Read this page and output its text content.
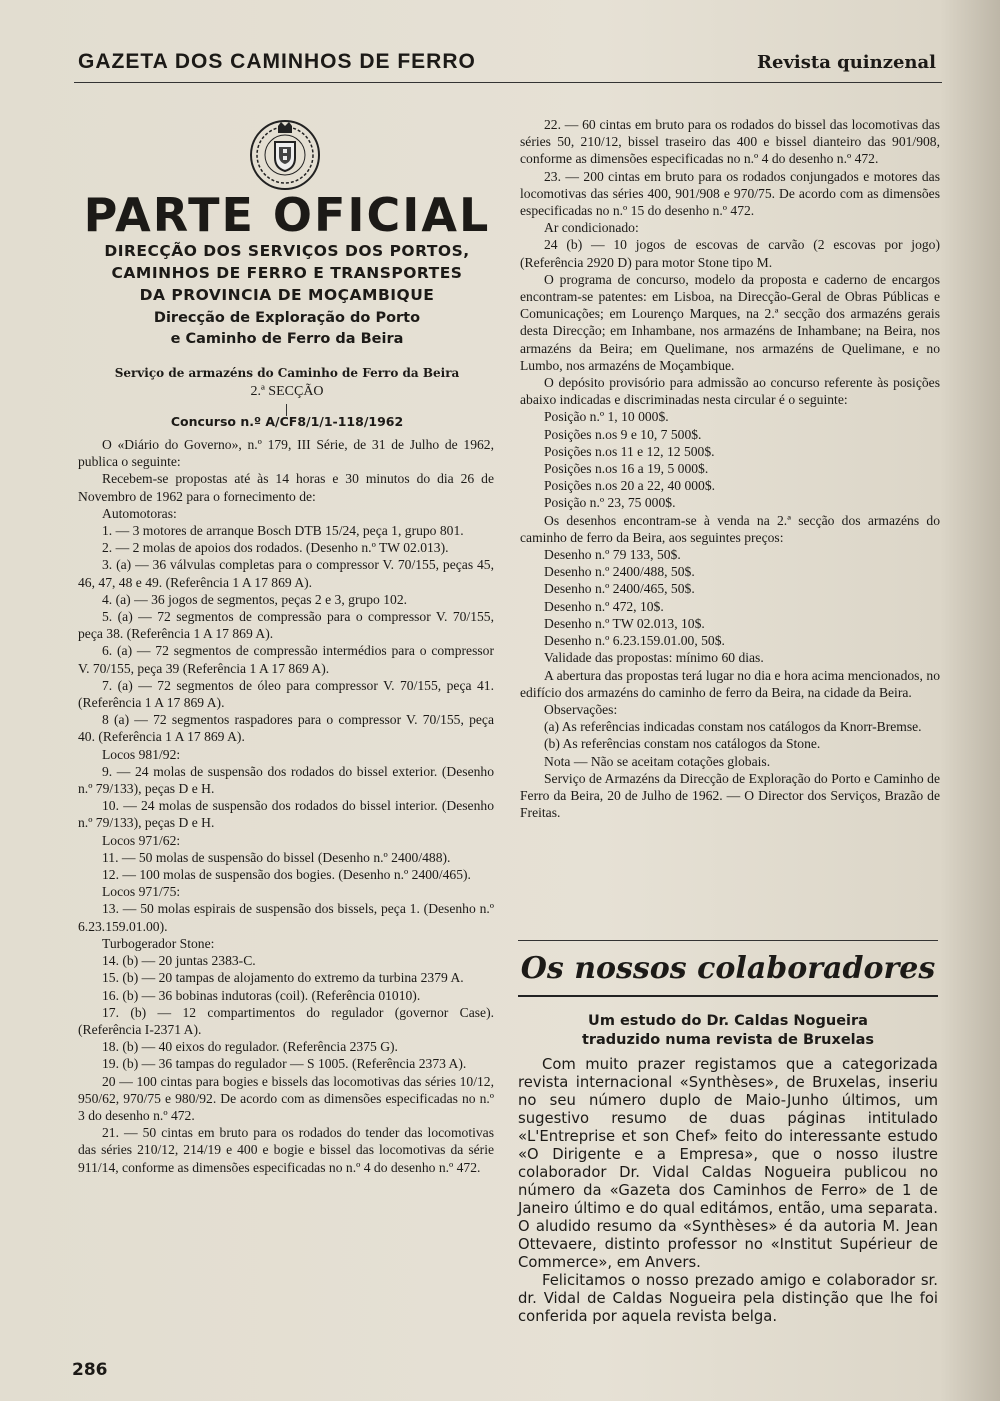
GAZETA DOS CAMINHOS DE FERRO	Revista quinzenal
PARTE OFICIAL
DIRECÇÃO DOS SERVIÇOS DOS PORTOS,
CAMINHOS DE FERRO E TRANSPORTES
DA PROVINCIA DE MOÇAMBIQUE
Direcção de Exploração do Porto
e Caminho de Ferro da Beira
Serviço de armazéns do Caminho de Ferro da Beira
2.ª SECÇÃO
Concurso n.º A/CF8/1/1-118/1962

O «Diário do Governo», n.º 179, III Série, de 31 de Julho de 1962, publica o seguinte:

Recebem-se propostas até às 14 horas e 30 minutos do dia 26 de Novembro de 1962 para o fornecimento de:

Automotoras:

1. — 3 motores de arranque Bosch DTB 15/24, peça 1, grupo 801.

2. — 2 molas de apoios dos rodados. (Desenho n.º TW 02.013).

3. (a) — 36 válvulas completas para o compressor V. 70/155, peças 45, 46, 47, 48 e 49. (Referência 1 A 17 869 A).

4. (a) — 36 jogos de segmentos, peças 2 e 3, grupo 102.

5. (a) — 72 segmentos de compressão para o compressor V. 70/155, peça 38. (Referência 1 A 17 869 A).

6. (a) — 72 segmentos de compressão intermédios para o compressor V. 70/155, peça 39 (Referência 1 A 17 869 A).

7. (a) — 72 segmentos de óleo para compressor V. 70/155, peça 41. (Referência 1 A 17 869 A).

8 (a) — 72 segmentos raspadores para o compressor V. 70/155, peça 40. (Referência 1 A 17 869 A).

Locos 981/92:

9. — 24 molas de suspensão dos rodados do bissel exterior. (Desenho n.º 79/133), peças D e H.

10. — 24 molas de suspensão dos rodados do bissel interior. (Desenho n.º 79/133), peças D e H.

Locos 971/62:

11. — 50 molas de suspensão do bissel (Desenho n.º 2400/488).

12. — 100 molas de suspensão dos bogies. (Desenho n.º 2400/465).

Locos 971/75:

13. — 50 molas espirais de suspensão dos bissels, peça 1. (Desenho n.º 6.23.159.01.00).

Turbogerador Stone:

14. (b) — 20 juntas 2383-C.

15. (b) — 20 tampas de alojamento do extremo da turbina 2379 A.

16. (b) — 36 bobinas indutoras (coil). (Referência 01010).

17. (b) — 12 compartimentos do regulador (governor Case). (Referência I-2371 A).

18. (b) — 40 eixos do regulador. (Referência 2375 G).

19. (b) — 36 tampas do regulador — S 1005. (Referência 2373 A).

20 — 100 cintas para bogies e bissels das locomotivas das séries 10/12, 950/62, 970/75 e 980/92. De acordo com as dimensões especificadas no n.º 3 do desenho n.º 472.

21. — 50 cintas em bruto para os rodados do tender das locomotivas das séries 210/12, 214/19 e 400 e bogie e bissel das locomotivas da série 911/14, conforme as dimensões especificadas no n.º 4 do desenho n.º 472.

22. — 60 cintas em bruto para os rodados do bissel das locomotivas das séries 50, 210/12, bissel traseiro das 400 e bissel dianteiro das 901/908, conforme as dimensões especificadas no n.º 4 do desenho n.º 472.

23. — 200 cintas em bruto para os rodados conjungados e motores das locomotivas das séries 400, 901/908 e 970/75. De acordo com as dimensões especificadas no n.º 15 do desenho n.º 472.

Ar condicionado:

24 (b) — 10 jogos de escovas de carvão (2 escovas por jogo) (Referência 2920 D) para motor Stone tipo M.

O programa de concurso, modelo da proposta e caderno de encargos encontram-se patentes: em Lisboa, na Direcção-Geral de Obras Públicas e Comunicações; em Lourenço Marques, na 2.ª secção dos armazéns gerais desta Direcção; em Inhambane, nos armazéns de Inhambane; na Beira, nos armazéns da Beira; em Quelimane, nos armazéns de Quelimane, e no Lumbo, nos armazéns de Moçambique.

O depósito provisório para admissão ao concurso referente às posições abaixo indicadas e discriminadas nesta circular é o seguinte:

Posição n.º 1, 10 000$.

Posições n.os 9 e 10, 7 500$.

Posições n.os 11 e 12, 12 500$.

Posições n.os 16 a 19, 5 000$.

Posições n.os 20 a 22, 40 000$.

Posição n.º 23, 75 000$.

Os desenhos encontram-se à venda na 2.ª secção dos armazéns do caminho de ferro da Beira, aos seguintes preços:

Desenho n.º 79 133, 50$.

Desenho n.º 2400/488, 50$.

Desenho n.º 2400/465, 50$.

Desenho n.º 472, 10$.

Desenho n.º TW 02.013, 10$.

Desenho n.º 6.23.159.01.00, 50$.

Validade das propostas: mínimo 60 dias.

A abertura das propostas terá lugar no dia e hora acima mencionados, no edifício dos armazéns do caminho de ferro da Beira, na cidade da Beira.

Observações:

(a) As referências indicadas constam nos catálogos da Knorr-Bremse.

(b) As referências constam nos catálogos da Stone.

Nota — Não se aceitam cotações globais.

Serviço de Armazéns da Direcção de Exploração do Porto e Caminho de Ferro da Beira, 20 de Julho de 1962. — O Director dos Serviços, Brazão de Freitas.

Os nossos colaboradores
Um estudo do Dr. Caldas Nogueira
traduzido numa revista de Bruxelas

Com muito prazer registamos que a categorizada revista internacional «Synthèses», de Bruxelas, inseriu no seu número duplo de Maio-Junho últimos, um sugestivo resumo de duas páginas intitulado «L'Entreprise et son Chef» feito do interessante estudo «O Dirigente e a Empresa», que o nosso ilustre colaborador Dr. Vidal Caldas Nogueira publicou no número da «Gazeta dos Caminhos de Ferro» de 1 de Janeiro último e do qual editámos, então, uma separata. O aludido resumo da «Synthèses» é da autoria M. Jean Ottevaere, distinto professor no «Institut Supérieur de Commerce», em Anvers.

Felicitamos o nosso prezado amigo e colaborador sr. dr. Vidal de Caldas Nogueira pela distinção que lhe foi conferida por aquela revista belga.

286
